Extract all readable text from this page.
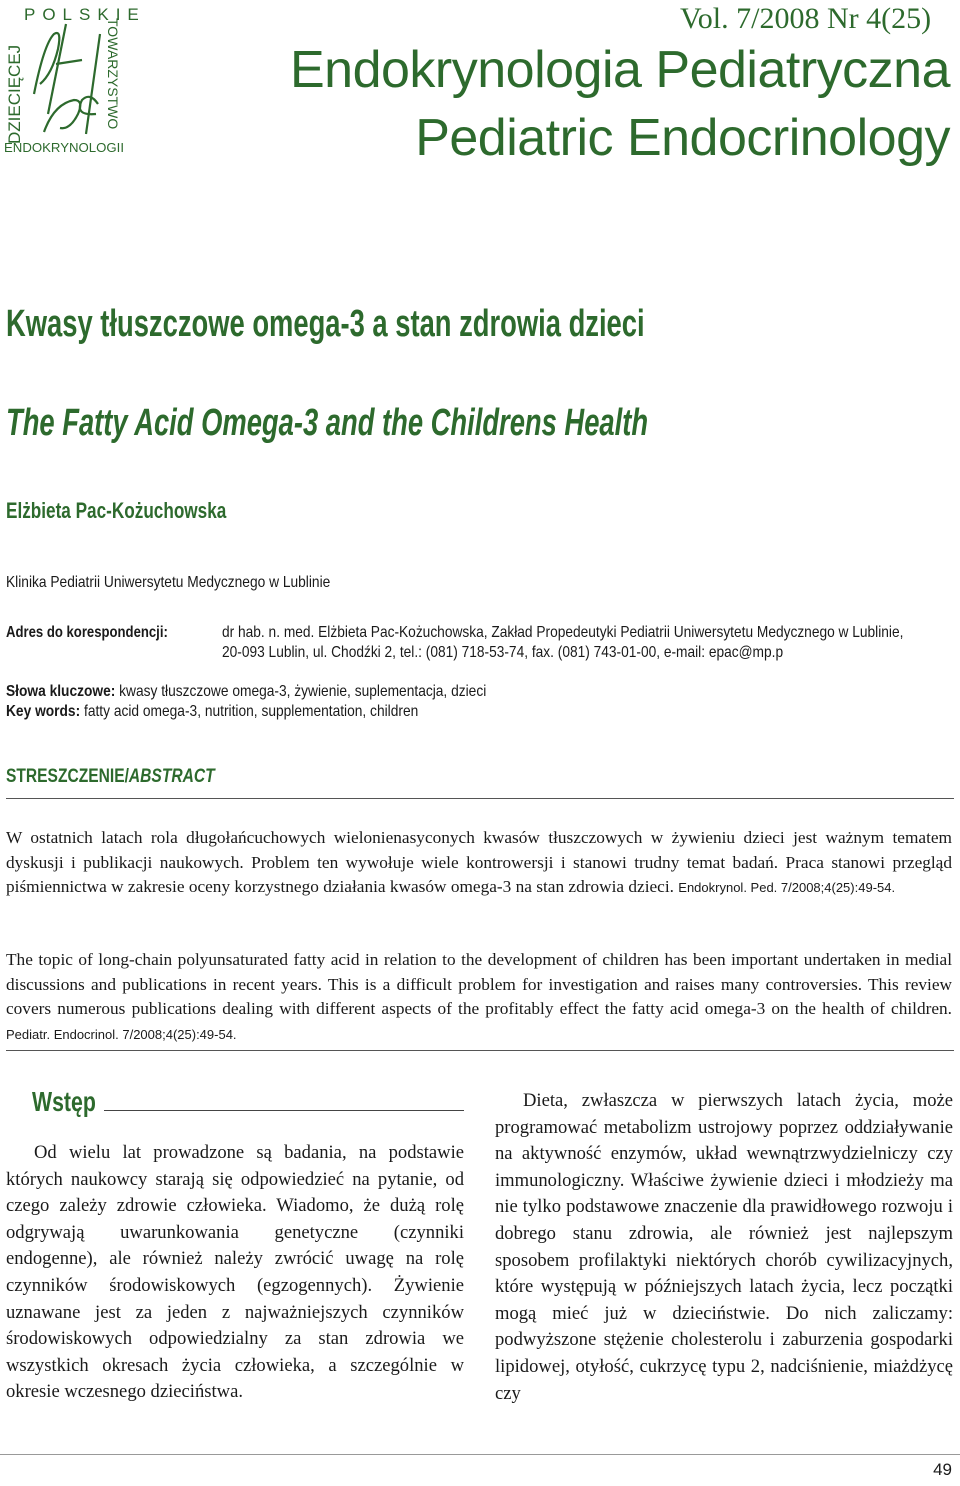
POLSKIE
DZIECIĘCEJ	TOWARZYSTWO
ENDOKRYNOLOGII
Vol. 7/2008 Nr 4(25)
Endokrynologia Pediatryczna
Pediatric Endocrinology
Kwasy tłuszczowe omega-3 a stan zdrowia dzieci
The Fatty Acid Omega-3 and the Childrens Health
Elżbieta Pac-Kożuchowska
Klinika Pediatrii Uniwersytetu Medycznego w Lublinie
Adres do korespondencji:	dr hab. n. med. Elżbieta Pac-Kożuchowska, Zakład Propedeutyki Pediatrii Uniwersytetu Medycznego w Lublinie,
20-093 Lublin, ul. Chodźki 2, tel.: (081) 718-53-74, fax. (081) 743-01-00, e-mail: epac@mp.p
Słowa kluczowe: kwasy tłuszczowe omega-3, żywienie, suplementacja, dzieci
Key words: fatty acid omega-3, nutrition, supplementation, children
STRESZCZENIE/ABSTRACT
W ostatnich latach rola długołańcuchowych wielonienasyconych kwasów tłuszczowych w żywieniu dzieci jest ważnym tematem dyskusji i publikacji naukowych. Problem ten wywołuje wiele kontrowersji i stanowi trudny temat badań. Praca stanowi przegląd piśmiennictwa w zakresie oceny korzystnego działania kwasów omega-3 na stan zdrowia dzieci. Endokrynol. Ped. 7/2008;4(25):49-54.
The topic of long-chain polyunsaturated fatty acid in relation to the development of children has been important undertaken in medial discussions and publications in recent years. This is a difficult problem for investigation and raises many controversies. This review covers numerous publications dealing with different aspects of the profitably effect the fatty acid omega-3 on the health of children. Pediatr. Endocrinol. 7/2008;4(25):49-54.
Wstęp
Od wielu lat prowadzone są badania, na podstawie których naukowcy starają się odpowiedzieć na pytanie, od czego zależy zdrowie człowieka. Wiadomo, że dużą rolę odgrywają uwarunkowania genetyczne (czynniki endogenne), ale również należy zwrócić uwagę na rolę czynników środowiskowych (egzogennych). Żywienie uznawane jest za jeden z najważniejszych czynników środowiskowych odpowiedzialny za stan zdrowia we wszystkich okresach życia człowieka, a szczególnie w okresie wczesnego dzieciństwa.
Dieta, zwłaszcza w pierwszych latach życia, może programować metabolizm ustrojowy poprzez oddziaływanie na aktywność enzymów, układ wewnątrzwydzielniczy czy immunologiczny. Właściwe żywienie dzieci i młodzieży ma nie tylko podstawowe znaczenie dla prawidłowego rozwoju i dobrego stanu zdrowia, ale również jest najlepszym sposobem profilaktyki niektórych chorób cywilizacyjnych, które występują w późniejszych latach życia, lecz początki mogą mieć już w dzieciństwie. Do nich zaliczamy: podwyższone stężenie cholesterolu i zaburzenia gospodarki lipidowej, otyłość, cukrzycę typu 2, nadciśnienie, miażdżycę czy
49
